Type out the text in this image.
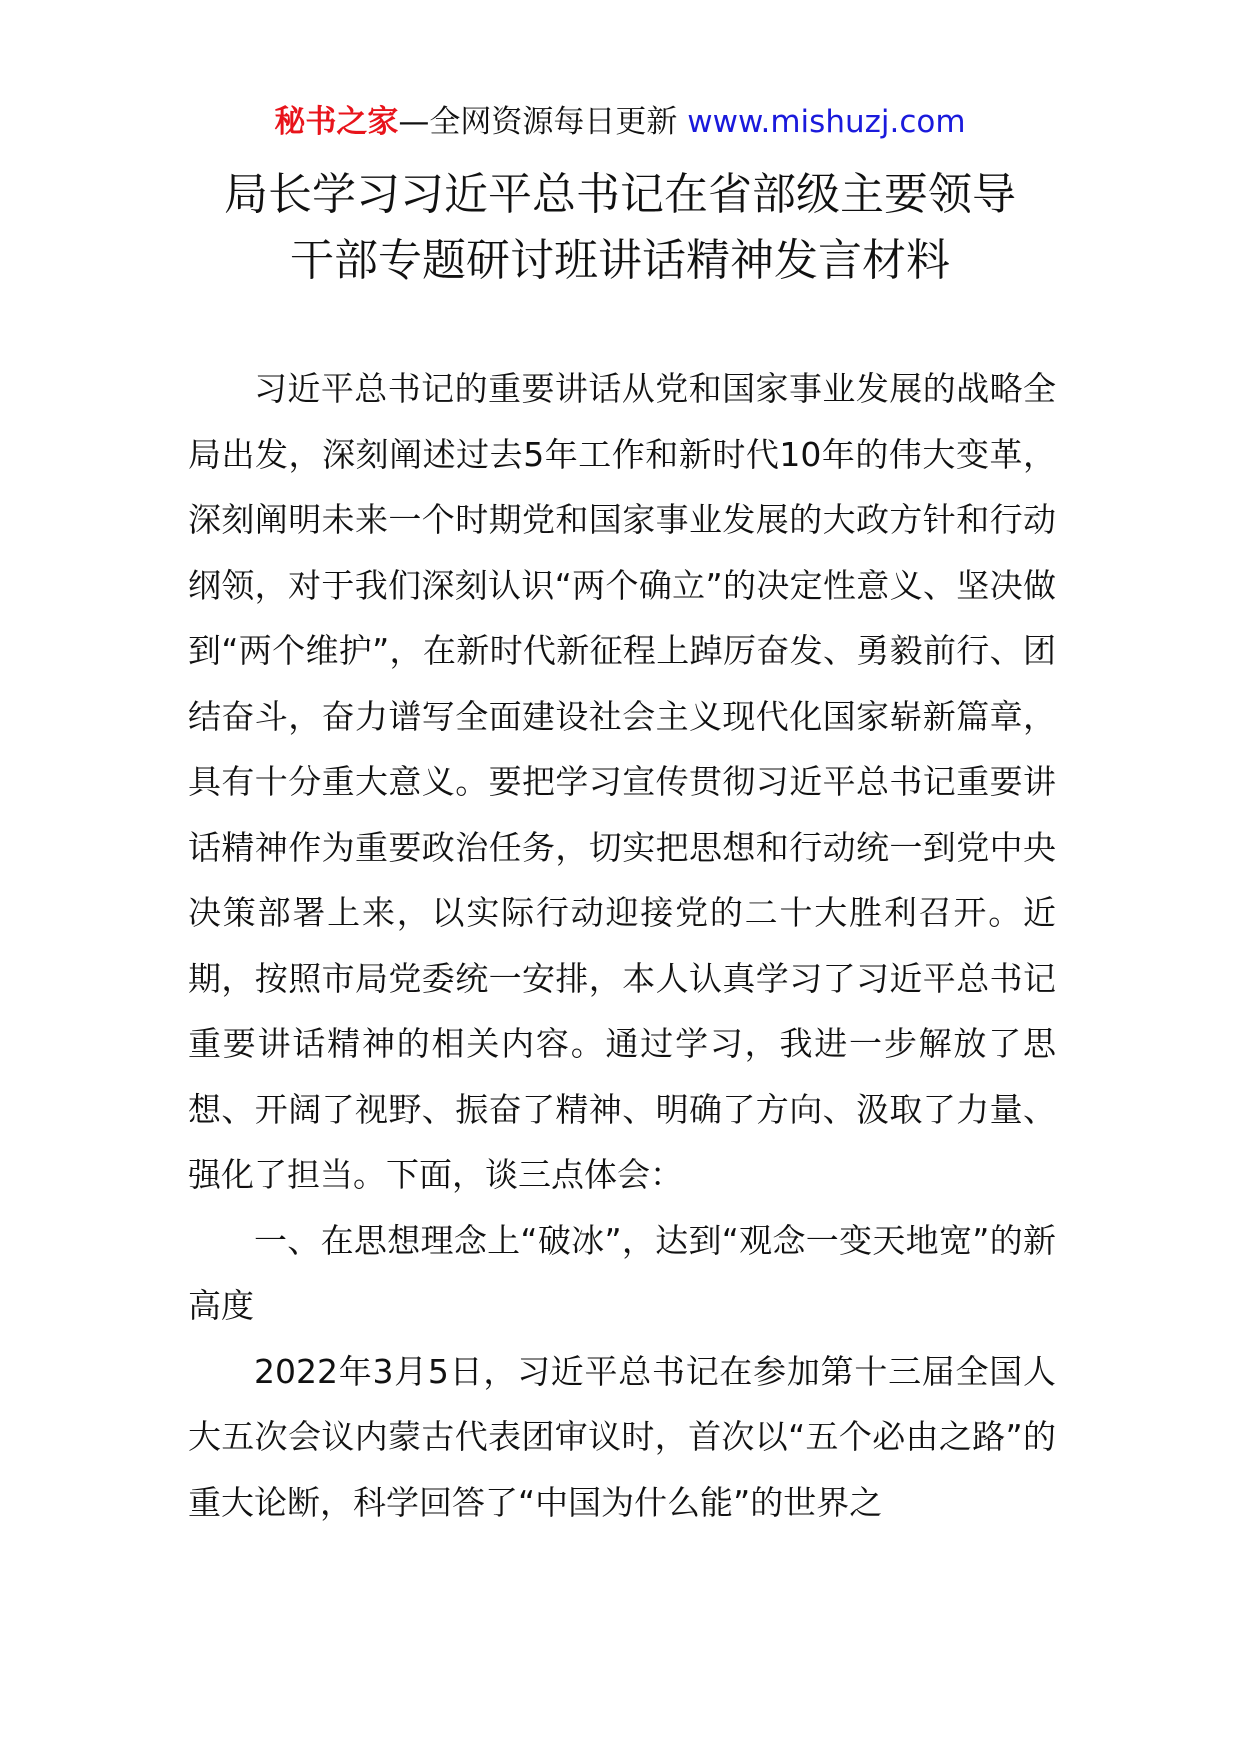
秘书之家—全网资源每日更新 www.mishuzj.com
局长学习习近平总书记在省部级主要领导
干部专题研讨班讲话精神发言材料

习近平总书记的重要讲话从党和国家事业发展的战略全局出发，深刻阐述过去5年工作和新时代10年的伟大变革，深刻阐明未来一个时期党和国家事业发展的大政方针和行动纲领，对于我们深刻认识“两个确立”的决定性意义、坚决做到“两个维护”，在新时代新征程上踔厉奋发、勇毅前行、团结奋斗，奋力谱写全面建设社会主义现代化国家崭新篇章，具有十分重大意义。要把学习宣传贯彻习近平总书记重要讲话精神作为重要政治任务，切实把思想和行动统一到党中央决策部署上来，以实际行动迎接党的二十大胜利召开。近期，按照市局党委统一安排，本人认真学习了习近平总书记重要讲话精神的相关内容。通过学习，我进一步解放了思想、开阔了视野、振奋了精神、明确了方向、汲取了力量、强化了担当。下面，谈三点体会：

一、在思想理念上“破冰”，达到“观念一变天地宽”的新高度

2022年3月5日，习近平总书记在参加第十三届全国人大五次会议内蒙古代表团审议时，首次以“五个必由之路”的重大论断，科学回答了“中国为什么能”的世界之
